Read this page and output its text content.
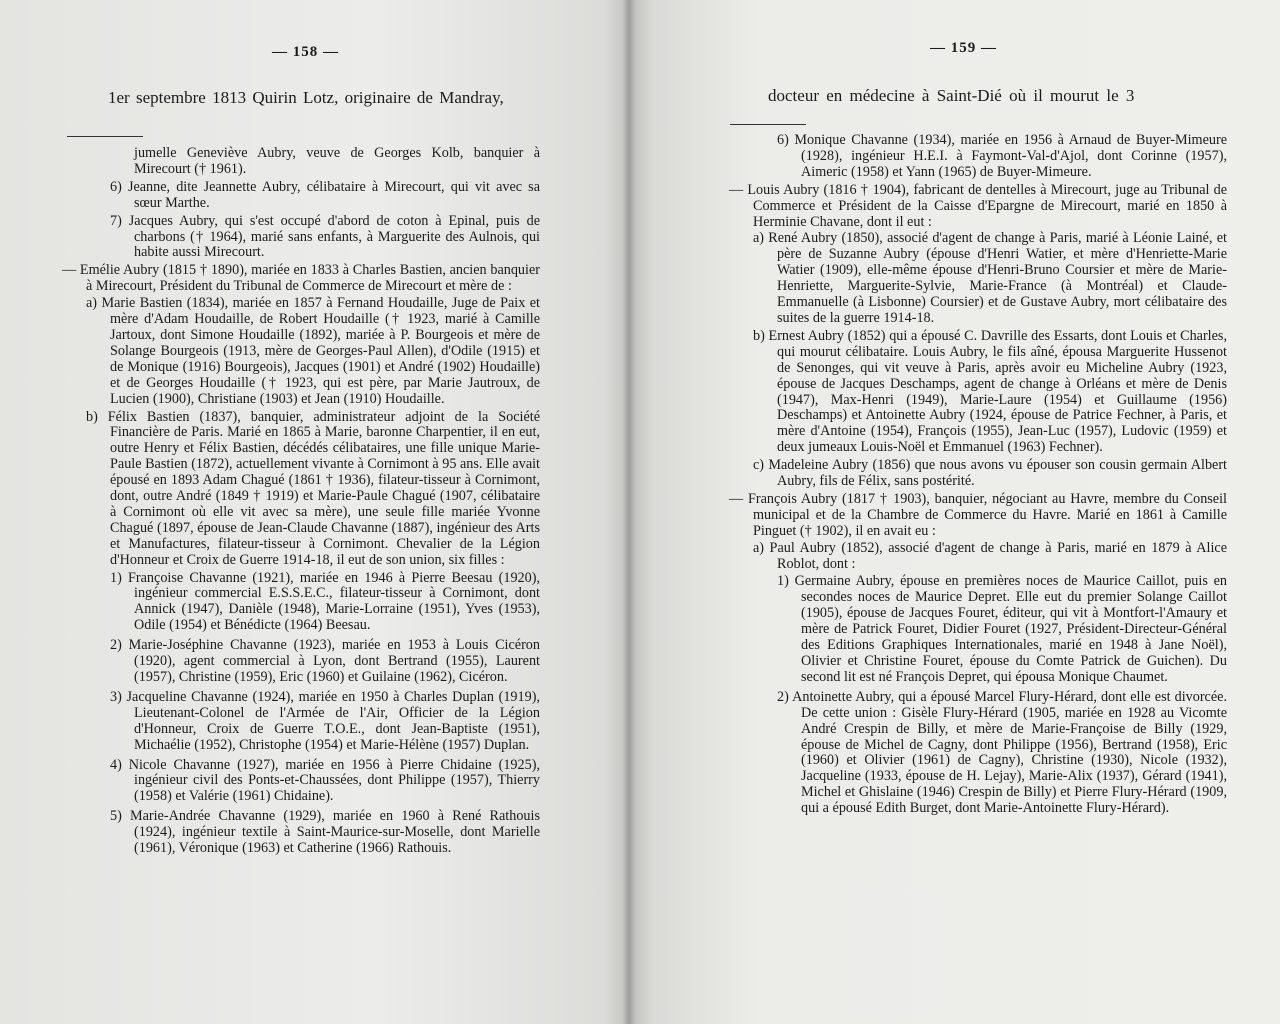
— 158 —
1er septembre 1813 Quirin Lotz, originaire de Mandray,
jumelle Geneviève Aubry, veuve de Georges Kolb, banquier à Mirecourt († 1961).
6) Jeanne, dite Jeannette Aubry, célibataire à Mirecourt, qui vit avec sa sœur Marthe.
7) Jacques Aubry, qui s'est occupé d'abord de coton à Epinal, puis de charbons († 1964), marié sans enfants, à Marguerite des Aulnois, qui habite aussi Mirecourt.
— Emélie Aubry (1815 † 1890), mariée en 1833 à Charles Bastien, ancien banquier à Mirecourt, Président du Tribunal de Commerce de Mirecourt et mère de :
a) Marie Bastien (1834), mariée en 1857 à Fernand Houdaille, Juge de Paix et mère d'Adam Houdaille, de Robert Houdaille († 1923, marié à Camille Jartoux, dont Simone Houdaille (1892), mariée à P. Bourgeois et mère de Solange Bourgeois (1913, mère de Georges-Paul Allen), d'Odile (1915) et de Monique (1916) Bourgeois), Jacques (1901) et André (1902) Houdaille) et de Georges Houdaille († 1923, qui est père, par Marie Jautroux, de Lucien (1900), Christiane (1903) et Jean (1910) Houdaille.
b) Félix Bastien (1837), banquier, administrateur adjoint de la Société Financière de Paris. Marié en 1865 à Marie, baronne Charpentier, il en eut, outre Henry et Félix Bastien, décédés célibataires, une fille unique Marie-Paule Bastien (1872), actuellement vivante à Cornimont à 95 ans. Elle avait épousé en 1893 Adam Chagué (1861 † 1936), filateur-tisseur à Cornimont, dont, outre André (1849 † 1919) et Marie-Paule Chagué (1907, célibataire à Cornimont où elle vit avec sa mère), une seule fille mariée Yvonne Chagué (1897, épouse de Jean-Claude Chavanne (1887), ingénieur des Arts et Manufactures, filateur-tisseur à Cornimont. Chevalier de la Légion d'Honneur et Croix de Guerre 1914-18, il eut de son union, six filles :
1) Françoise Chavanne (1921), mariée en 1946 à Pierre Beesau (1920), ingénieur commercial E.S.S.E.C., filateur-tisseur à Cornimont, dont Annick (1947), Danièle (1948), Marie-Lorraine (1951), Yves (1953), Odile (1954) et Bénédicte (1964) Beesau.
2) Marie-Joséphine Chavanne (1923), mariée en 1953 à Louis Cicéron (1920), agent commercial à Lyon, dont Bertrand (1955), Laurent (1957), Christine (1959), Eric (1960) et Guilaine (1962), Cicéron.
3) Jacqueline Chavanne (1924), mariée en 1950 à Charles Duplan (1919), Lieutenant-Colonel de l'Armée de l'Air, Officier de la Légion d'Honneur, Croix de Guerre T.O.E., dont Jean-Baptiste (1951), Michaélie (1952), Christophe (1954) et Marie-Hélène (1957) Duplan.
4) Nicole Chavanne (1927), mariée en 1956 à Pierre Chidaine (1925), ingénieur civil des Ponts-et-Chaussées, dont Philippe (1957), Thierry (1958) et Valérie (1961) Chidaine).
5) Marie-Andrée Chavanne (1929), mariée en 1960 à René Rathouis (1924), ingénieur textile à Saint-Maurice-sur-Moselle, dont Marielle (1961), Véronique (1963) et Catherine (1966) Rathouis.
— 159 —
docteur en médecine à Saint-Dié où il mourut le 3
6) Monique Chavanne (1934), mariée en 1956 à Arnaud de Buyer-Mimeure (1928), ingénieur H.E.I. à Faymont-Val-d'Ajol, dont Corinne (1957), Aimeric (1958) et Yann (1965) de Buyer-Mimeure.
— Louis Aubry (1816 † 1904), fabricant de dentelles à Mirecourt, juge au Tribunal de Commerce et Président de la Caisse d'Epargne de Mirecourt, marié en 1850 à Herminie Chavane, dont il eut :
a) René Aubry (1850), associé d'agent de change à Paris, marié à Léonie Lainé, et père de Suzanne Aubry (épouse d'Henri Watier, et mère d'Henriette-Marie Watier (1909), elle-même épouse d'Henri-Bruno Coursier et mère de Marie-Henriette, Marguerite-Sylvie, Marie-France (à Montréal) et Claude-Emmanuelle (à Lisbonne) Coursier) et de Gustave Aubry, mort célibataire des suites de la guerre 1914-18.
b) Ernest Aubry (1852) qui a épousé C. Davrille des Essarts, dont Louis et Charles, qui mourut célibataire. Louis Aubry, le fils aîné, épousa Marguerite Hussenot de Senonges, qui vit veuve à Paris, après avoir eu Micheline Aubry (1923, épouse de Jacques Deschamps, agent de change à Orléans et mère de Denis (1947), Max-Henri (1949), Marie-Laure (1954) et Guillaume (1956) Deschamps) et Antoinette Aubry (1924, épouse de Patrice Fechner, à Paris, et mère d'Antoine (1954), François (1955), Jean-Luc (1957), Ludovic (1959) et deux jumeaux Louis-Noël et Emmanuel (1963) Fechner).
c) Madeleine Aubry (1856) que nous avons vu épouser son cousin germain Albert Aubry, fils de Félix, sans postérité.
— François Aubry (1817 † 1903), banquier, négociant au Havre, membre du Conseil municipal et de la Chambre de Commerce du Havre. Marié en 1861 à Camille Pinguet († 1902), il en avait eu :
a) Paul Aubry (1852), associé d'agent de change à Paris, marié en 1879 à Alice Roblot, dont :
1) Germaine Aubry, épouse en premières noces de Maurice Caillot, puis en secondes noces de Maurice Depret. Elle eut du premier Solange Caillot (1905), épouse de Jacques Fouret, éditeur, qui vit à Montfort-l'Amaury et mère de Patrick Fouret, Didier Fouret (1927, Président-Directeur-Général des Editions Graphiques Internationales, marié en 1948 à Jane Noël), Olivier et Christine Fouret, épouse du Comte Patrick de Guichen). Du second lit est né François Depret, qui épousa Monique Chaumet.
2) Antoinette Aubry, qui a épousé Marcel Flury-Hérard, dont elle est divorcée. De cette union : Gisèle Flury-Hérard (1905, mariée en 1928 au Vicomte André Crespin de Billy, et mère de Marie-Françoise de Billy (1929, épouse de Michel de Cagny, dont Philippe (1956), Bertrand (1958), Eric (1960) et Olivier (1961) de Cagny), Christine (1930), Nicole (1932), Jacqueline (1933, épouse de H. Lejay), Marie-Alix (1937), Gérard (1941), Michel et Ghislaine (1946) Crespin de Billy) et Pierre Flury-Hérard (1909, qui a épousé Edith Burget, dont Marie-Antoinette Flury-Hérard).
